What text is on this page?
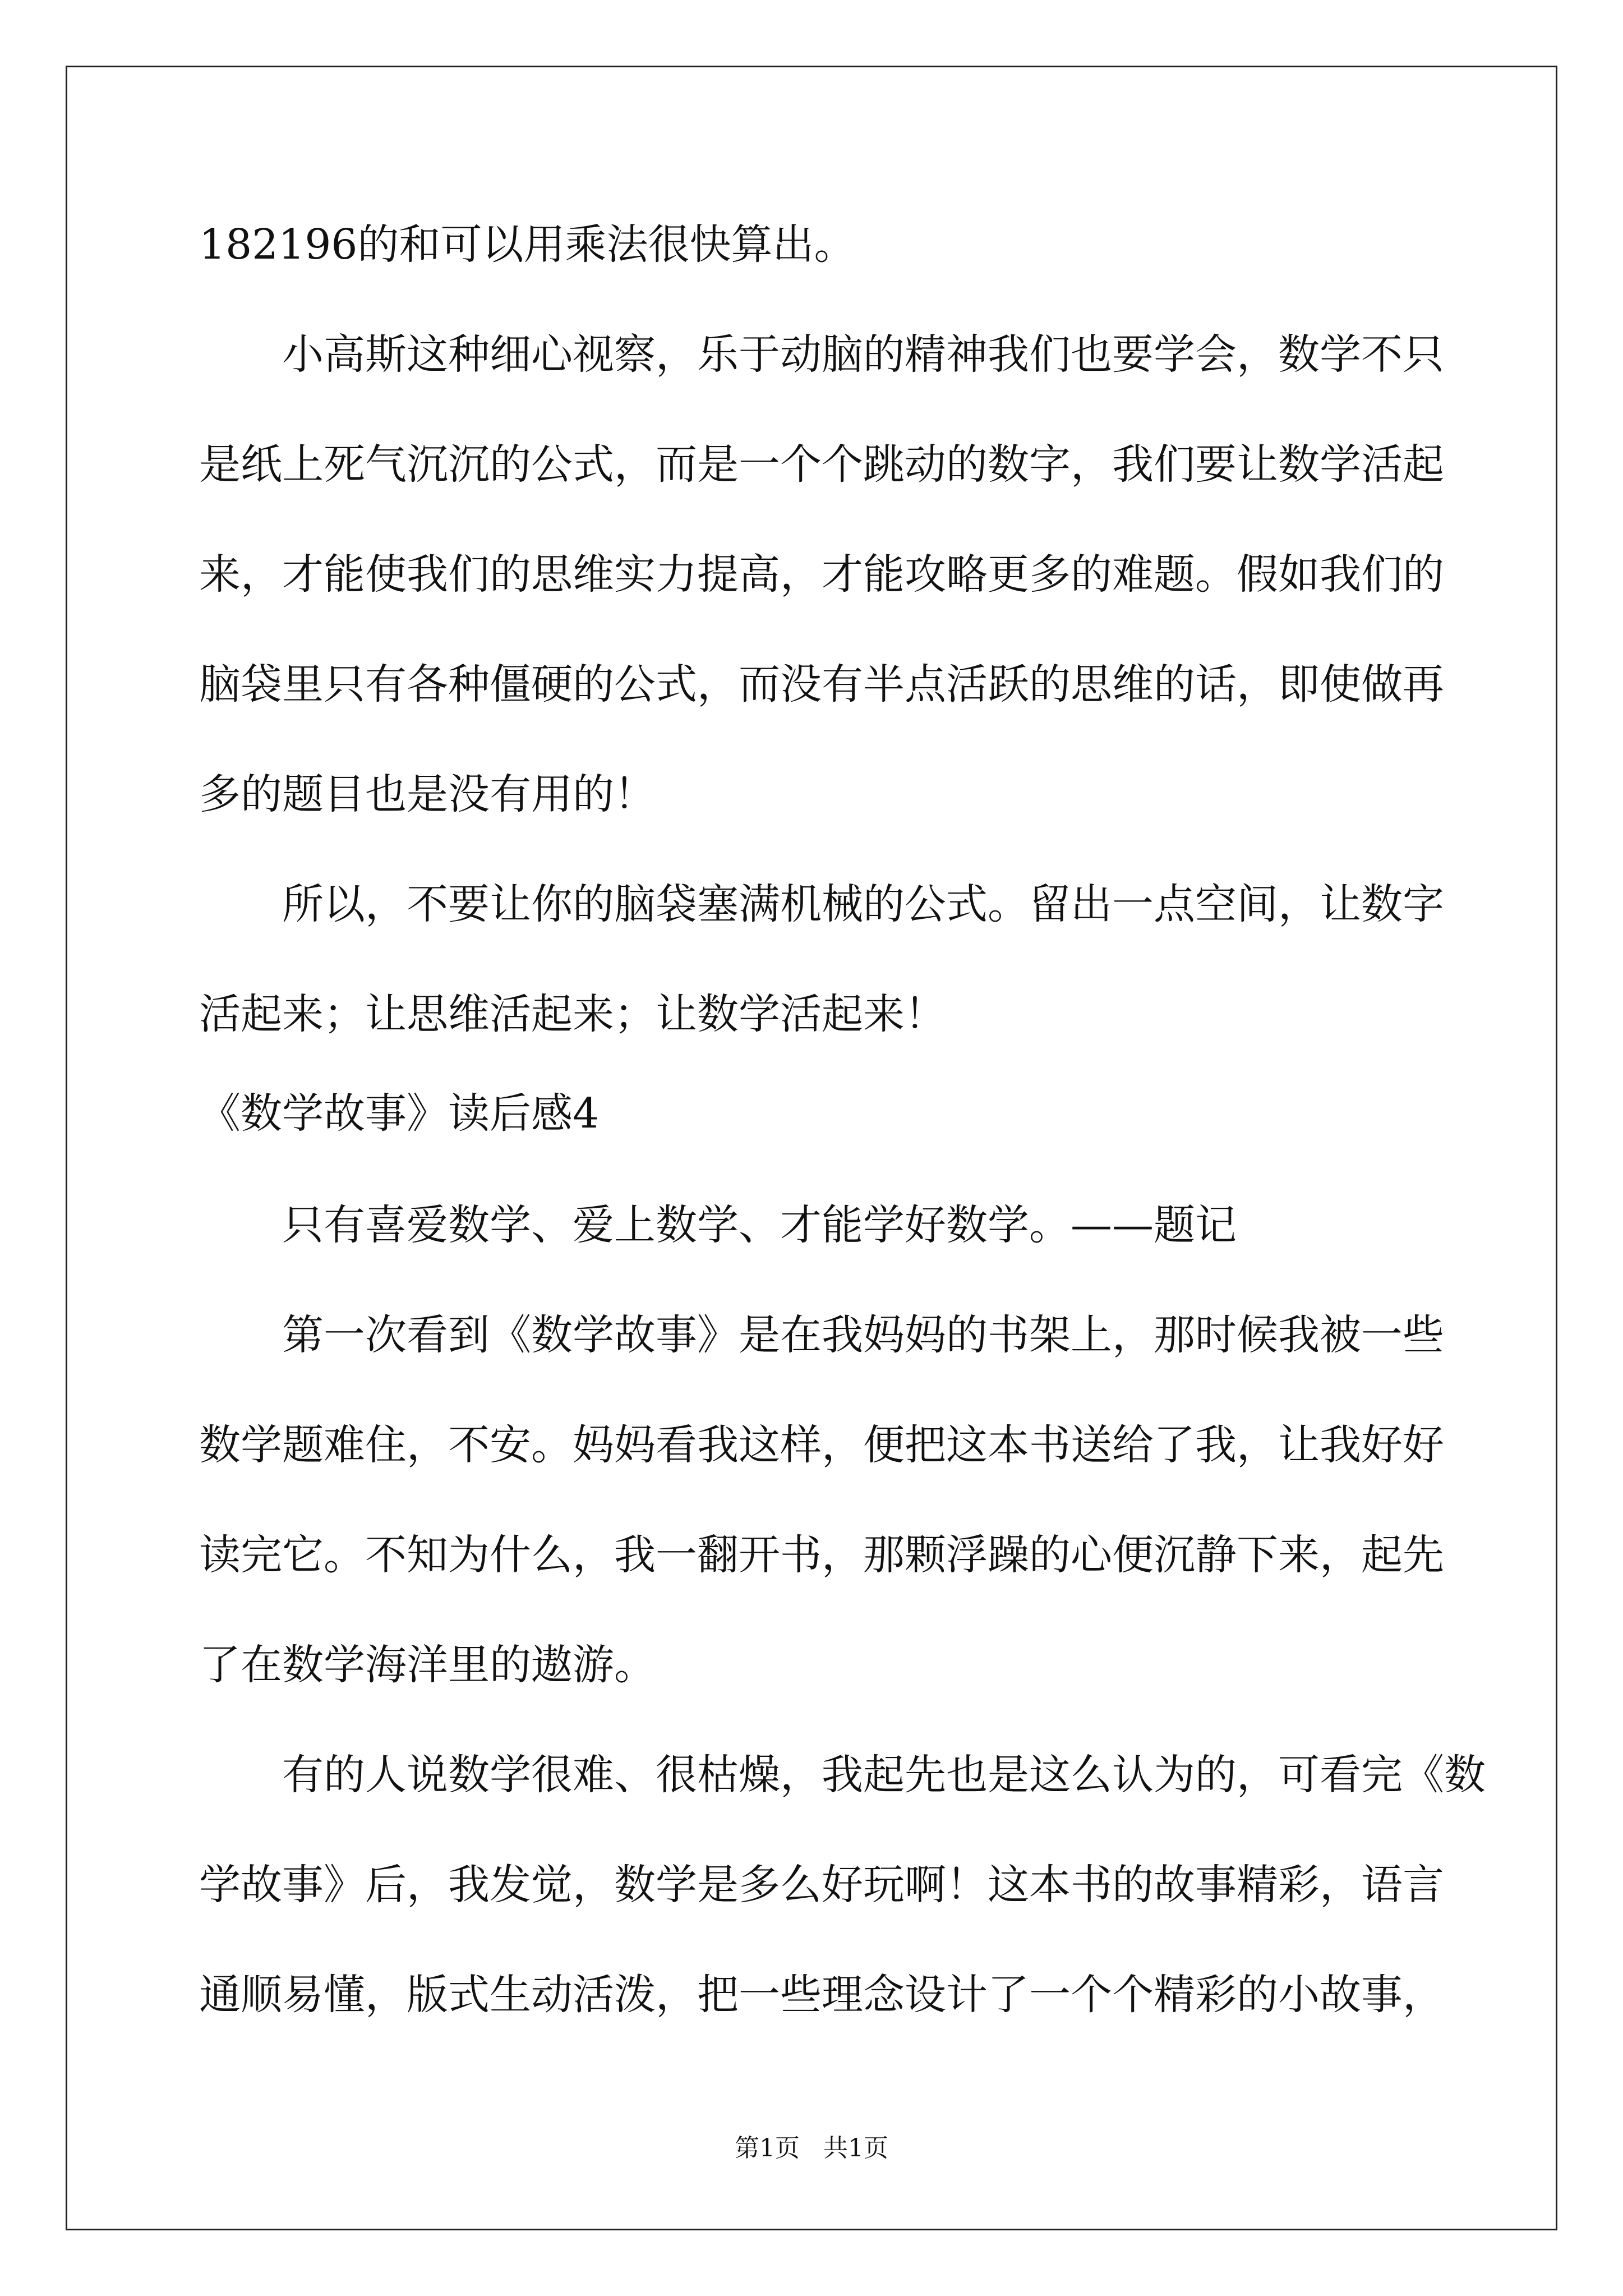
182196的和可以用乘法很快算出。
小高斯这种细心视察，乐于动脑的精神我们也要学会，数学不只
是纸上死气沉沉的公式，而是一个个跳动的数字，我们要让数学活起
来，才能使我们的思维实力提高，才能攻略更多的难题。假如我们的
脑袋里只有各种僵硬的公式，而没有半点活跃的思维的话，即使做再
多的题目也是没有用的！
所以，不要让你的脑袋塞满机械的公式。留出一点空间，让数字
活起来；让思维活起来；让数学活起来！
《数学故事》读后感4
只有喜爱数学、爱上数学、才能学好数学。——题记
第一次看到《数学故事》是在我妈妈的书架上，那时候我被一些
数学题难住，不安。妈妈看我这样，便把这本书送给了我，让我好好
读完它。不知为什么，我一翻开书，那颗浮躁的心便沉静下来，起先
了在数学海洋里的遨游。
有的人说数学很难、很枯燥，我起先也是这么认为的，可看完《数
学故事》后，我发觉，数学是多么好玩啊！这本书的故事精彩，语言
通顺易懂，版式生动活泼，把一些理念设计了一个个精彩的小故事，
第1页   共1页
